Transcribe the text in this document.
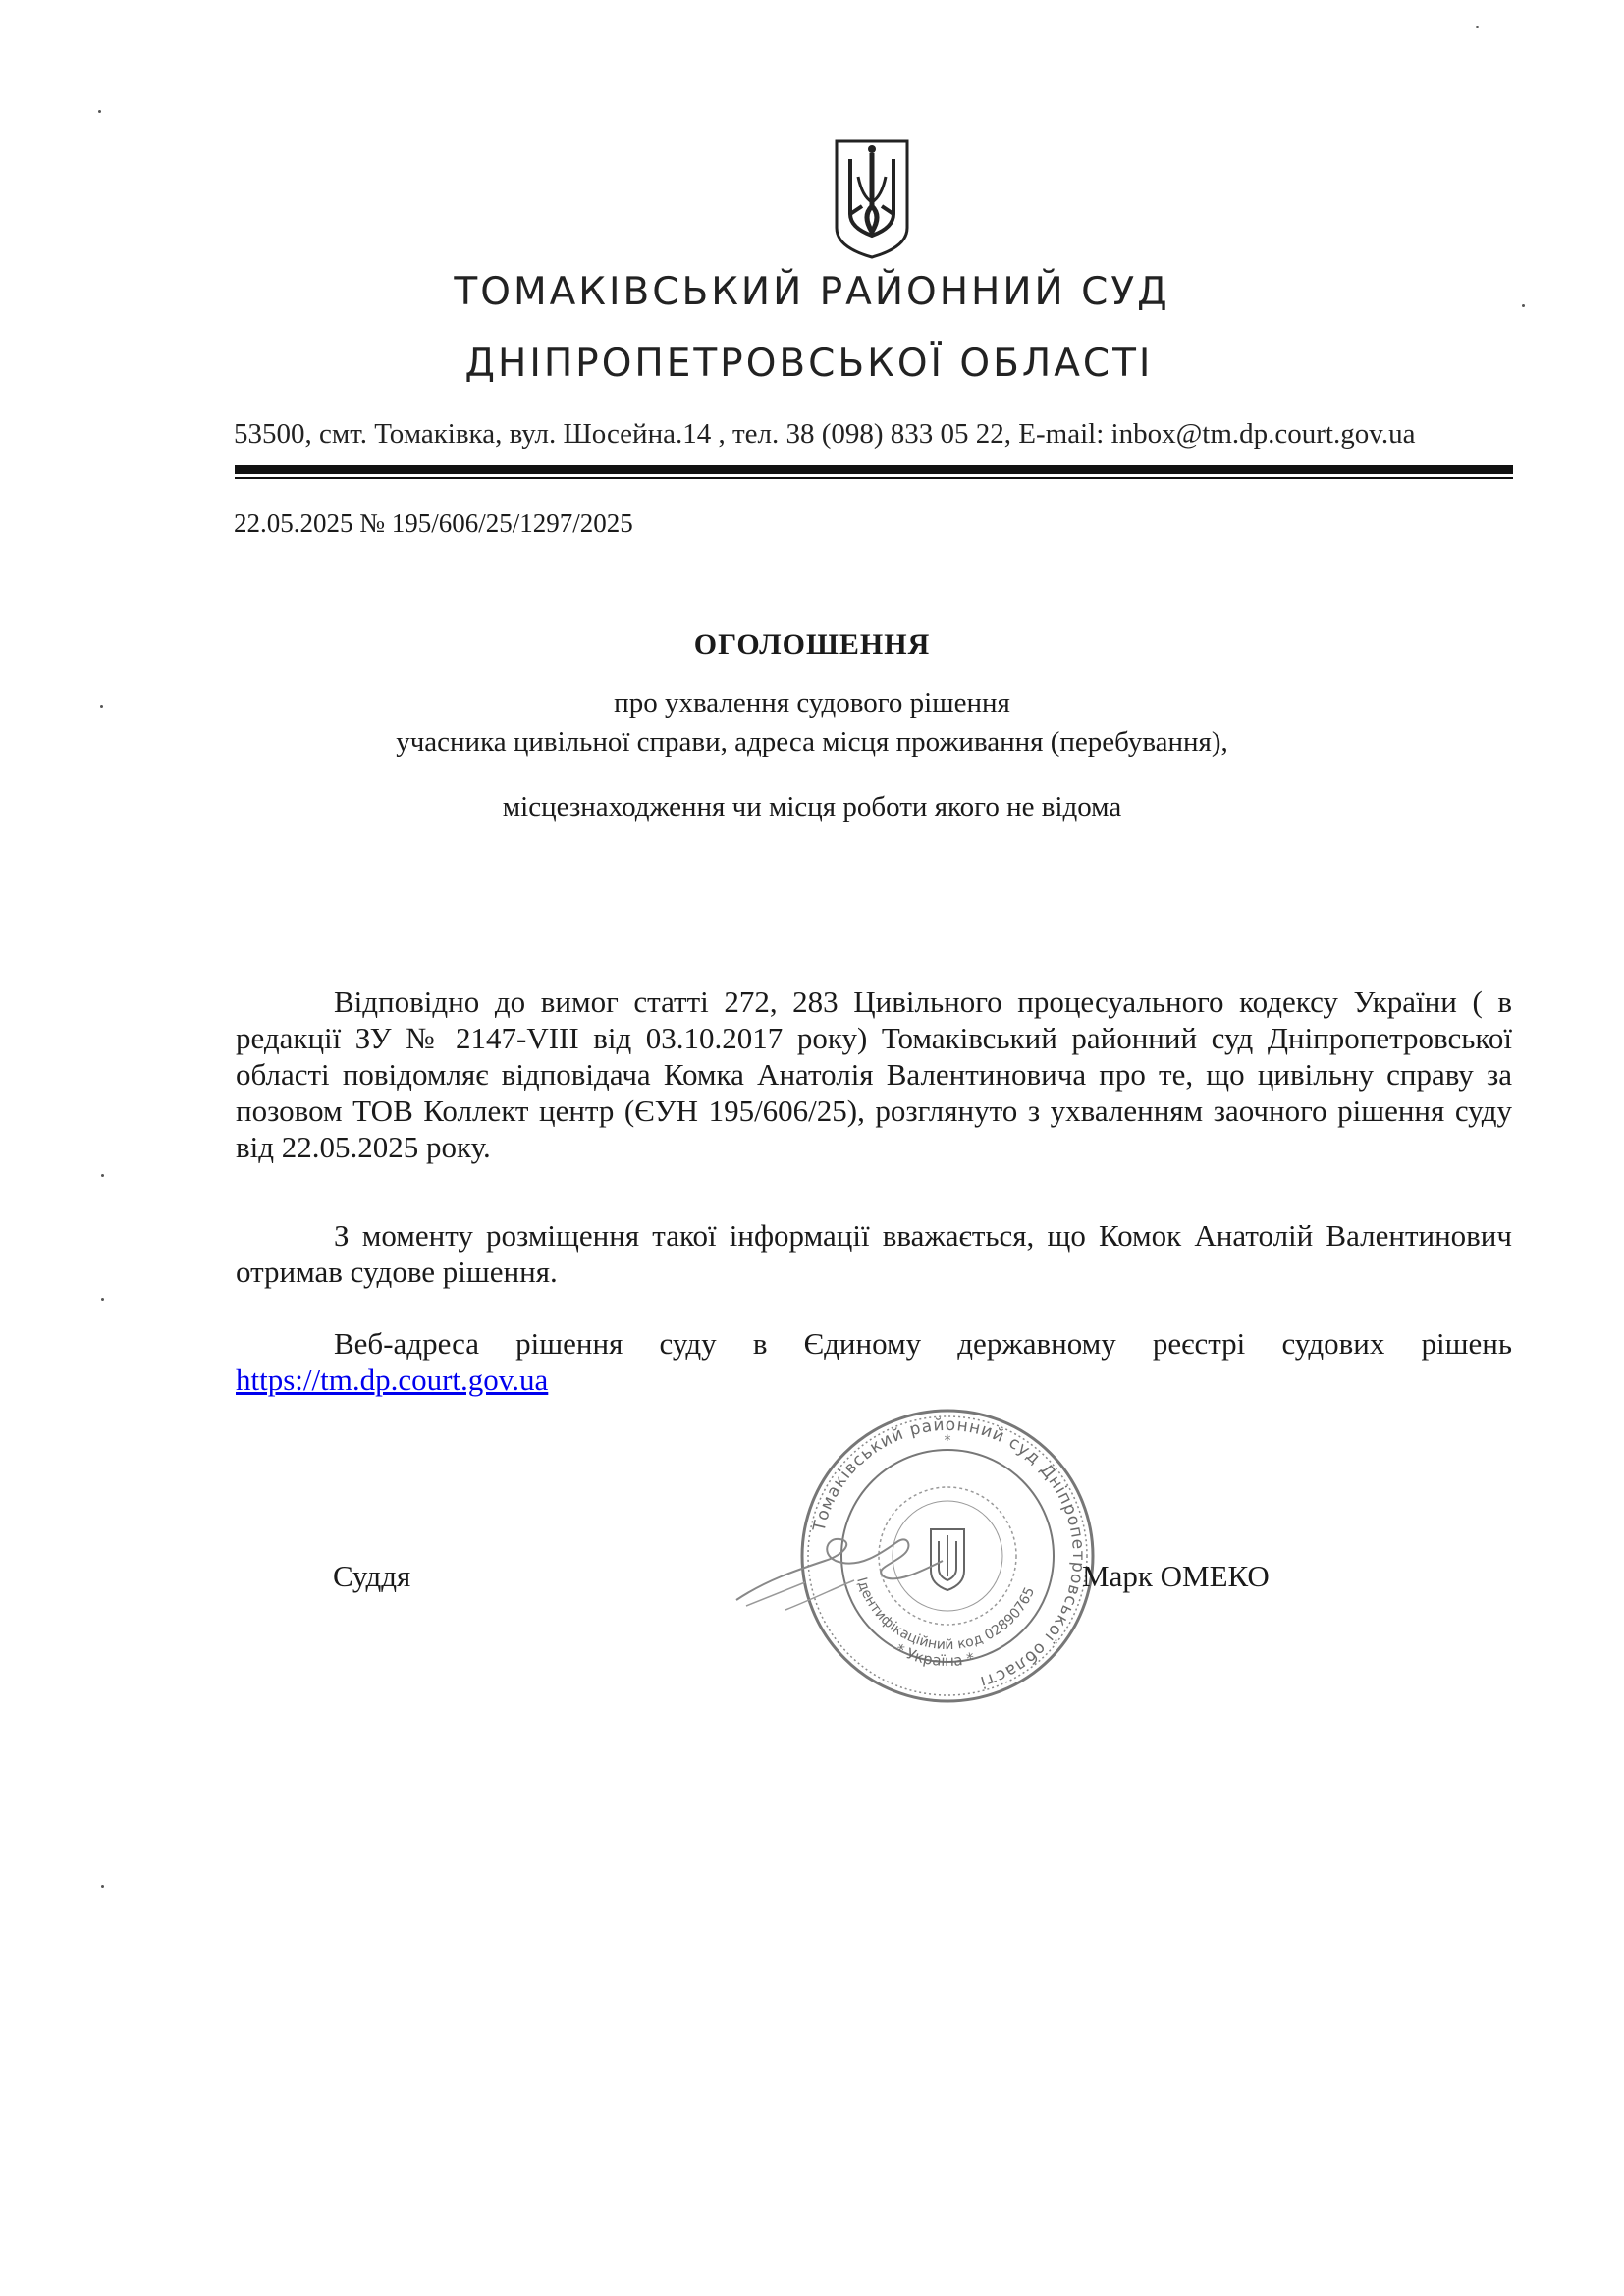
ТОМАКІВСЬКИЙ РАЙОННИЙ СУД
ДНІПРОПЕТРОВСЬКОЇ ОБЛАСТІ
53500, смт. Томаківка, вул. Шосейна.14 , тел. 38 (098) 833 05 22, E-mail: inbox@tm.dp.court.gov.ua
22.05.2025 № 195/606/25/1297/2025
ОГОЛОШЕННЯ
про ухвалення судового рішення
учасника цивільної справи, адреса місця проживання (перебування),
місцезнаходження чи місця роботи якого не відома
Відповідно до вимог статті 272, 283 Цивільного процесуального кодексу України ( в редакції ЗУ № 2147-VIII від 03.10.2017 року) Томаківський районний суд Дніпропетровської області повідомляє відповідача Комка Анатолія Валентиновича про те, що цивільну справу за позовом ТОВ Коллект центр (ЄУН 195/606/25), розглянуто з ухваленням заочного рішення суду від 22.05.2025 року.
З моменту розміщення такої інформації вважається, що Комок Анатолій Валентинович отримав судове рішення.
Веб-адреса рішення суду в Єдиному державному реєстрі судових рішень https://tm.dp.court.gov.ua
Томаківський районний суд Дніпропетровської області
Ідентифікаційний код 02890765
* Україна *
*
Суддя	Марк ОМЕКО
